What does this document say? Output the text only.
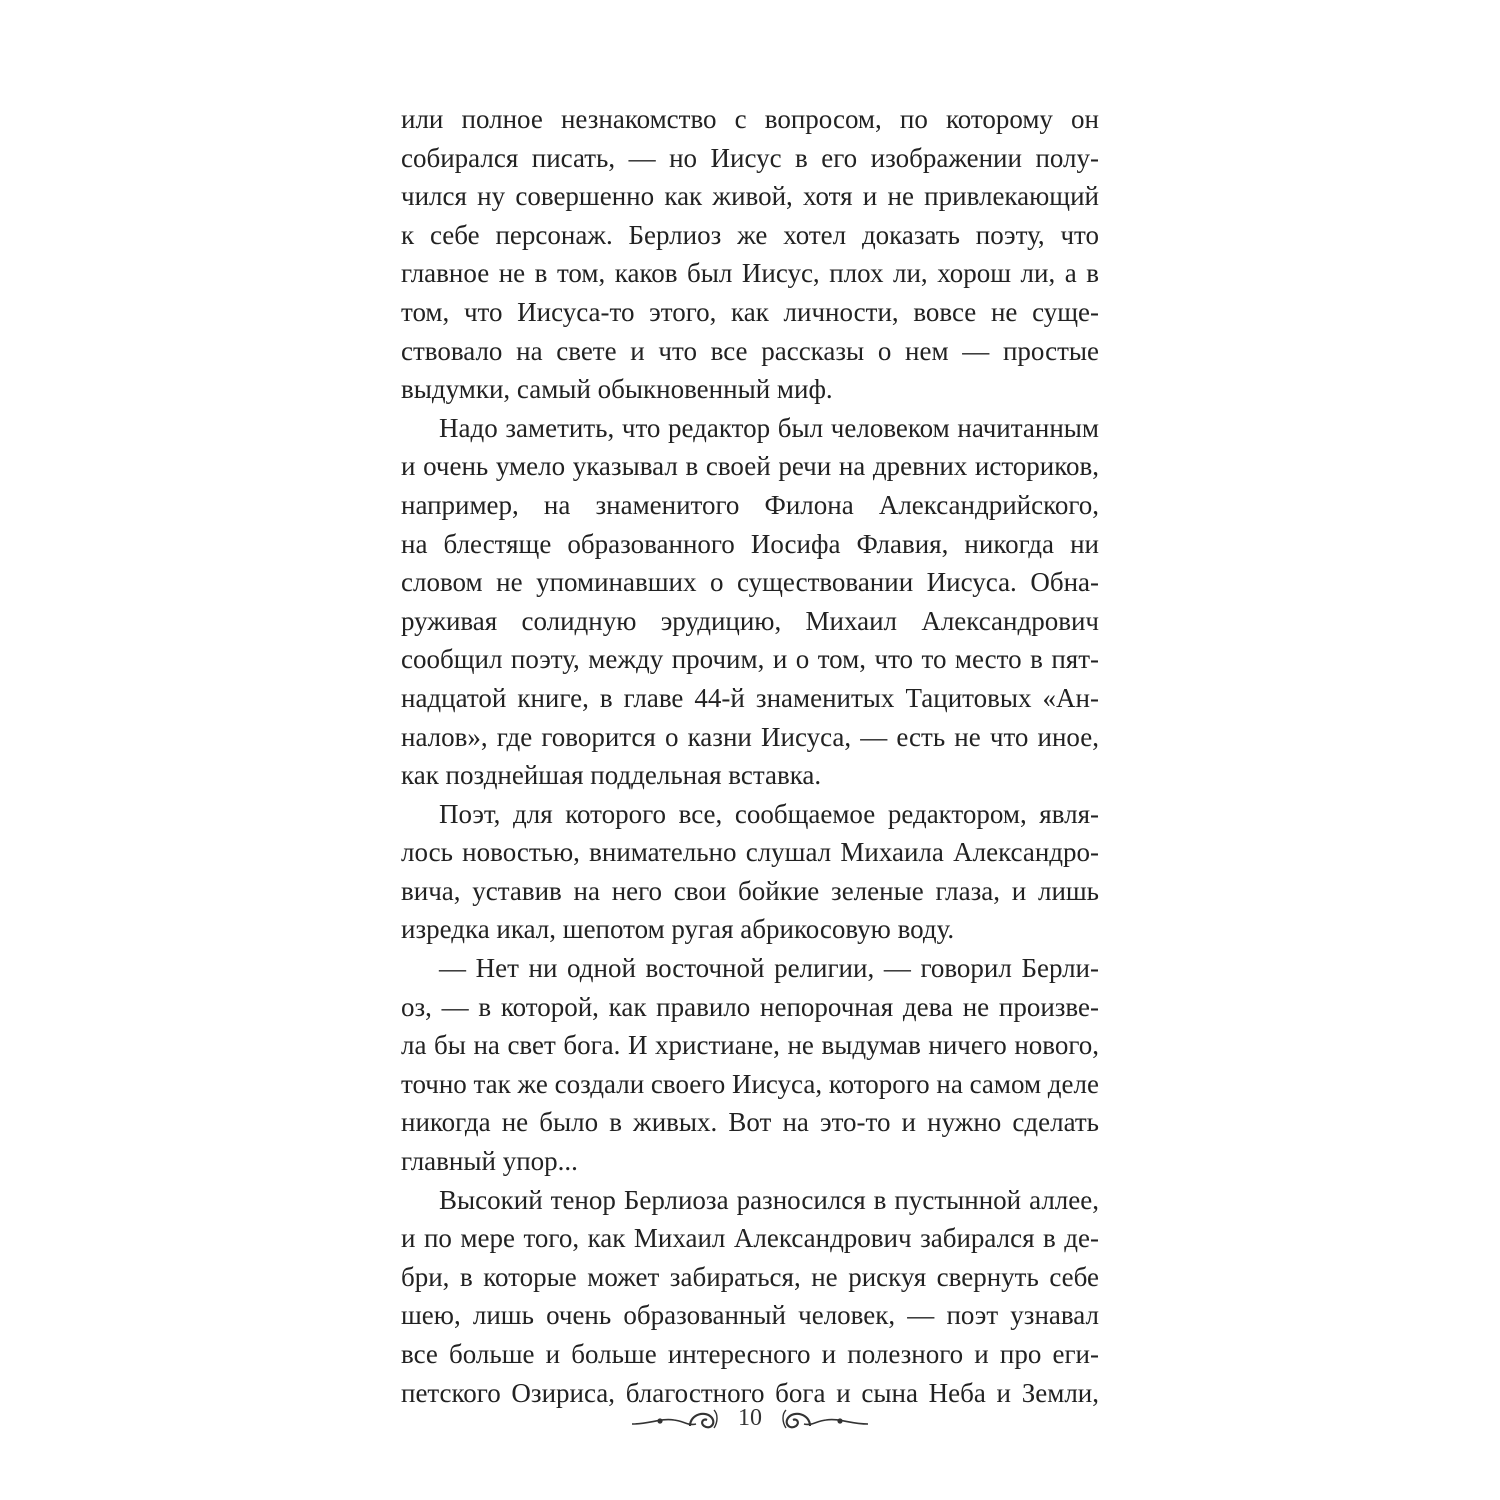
или полное незнакомство с вопросом, по которому он
собирался писать, — но Иисус в его изображении полу-
чился ну совершенно как живой, хотя и не привлекающий
к себе персонаж. Берлиоз же хотел доказать поэту, что
главное не в том, каков был Иисус, плох ли, хорош ли, а в
том, что Иисуса-то этого, как личности, вовсе не суще-
ствовало на свете и что все рассказы о нем — простые
выдумки, самый обыкновенный миф.
Надо заметить, что редактор был человеком начитанным
и очень умело указывал в своей речи на древних историков,
например, на знаменитого Филона Александрийского,
на блестяще образованного Иосифа Флавия, никогда ни
словом не упоминавших о существовании Иисуса. Обна-
руживая солидную эрудицию, Михаил Александрович
сообщил поэту, между прочим, и о том, что то место в пят-
надцатой книге, в главе 44-й знаменитых Тацитовых «Ан-
налов», где говорится о казни Иисуса, — есть не что иное,
как позднейшая поддельная вставка.
Поэт, для которого все, сообщаемое редактором, явля-
лось новостью, внимательно слушал Михаила Александро-
вича, уставив на него свои бойкие зеленые глаза, и лишь
изредка икал, шепотом ругая абрикосовую воду.
— Нет ни одной восточной религии, — говорил Берли-
оз, — в которой, как правило непорочная дева не произве-
ла бы на свет бога. И христиане, не выдумав ничего нового,
точно так же создали своего Иисуса, которого на самом деле
никогда не было в живых. Вот на это-то и нужно сделать
главный упор...
Высокий тенор Берлиоза разносился в пустынной аллее,
и по мере того, как Михаил Александрович забирался в де-
бри, в которые может забираться, не рискуя свернуть себе
шею, лишь очень образованный человек, — поэт узнавал
все больше и больше интересного и полезного и про еги-
петского Озириса, благостного бога и сына Неба и Земли,
10
